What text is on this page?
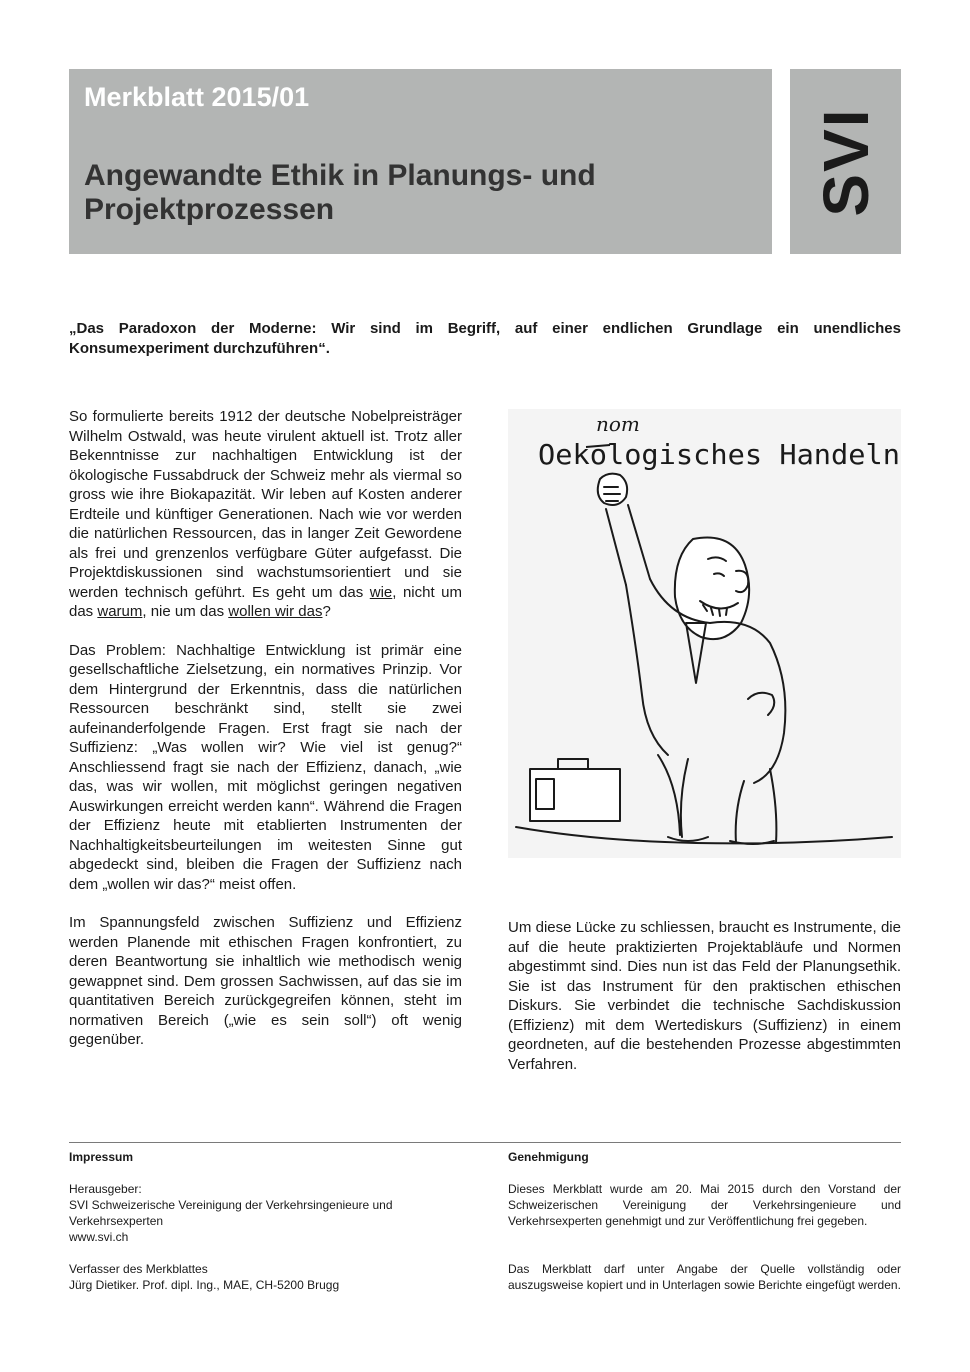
Merkblatt 2015/01

Angewandte Ethik in Planungs- und
Projektprozessen	SVI

„Das Paradoxon der Moderne: Wir sind im Begriff, auf einer endlichen Grundlage ein unendliches Konsumexperiment durchzuführen“.

So formulierte bereits 1912 der deutsche Nobelpreisträger Wilhelm Ostwald, was heute virulent aktuell ist. Trotz aller Bekenntnisse zur nachhaltigen Entwicklung ist der ökologische Fussabdruck der Schweiz mehr als viermal so gross wie ihre Biokapazität. Wir leben auf Kosten anderer Erdteile und künftiger Generationen. Nach wie vor werden die natürlichen Ressourcen, das in langer Zeit Gewordene als frei und grenzenlos verfügbare Güter aufgefasst. Die Projektdiskussionen sind wachstumsorientiert und sie werden technisch geführt. Es geht um das wie, nicht um das warum, nie um das wollen wir das?

Das Problem: Nachhaltige Entwicklung ist primär eine gesellschaftliche Zielsetzung, ein normatives Prinzip. Vor dem Hintergrund der Erkenntnis, dass die natürlichen Ressourcen beschränkt sind, stellt sie zwei aufeinanderfolgende Fragen. Erst fragt sie nach der Suffizienz: „Was wollen wir? Wie viel ist genug?“ Anschliessend fragt sie nach der Effizienz, danach, „wie das, was wir wollen, mit möglichst geringen negativen Auswirkungen erreicht werden kann“. Während die Fragen der Effizienz heute mit etablierten Instrumenten der Nachhaltigkeitsbeurteilungen im weitesten Sinne gut abgedeckt sind, bleiben die Fragen der Suffizienz nach dem „wollen wir das?“ meist offen.

Im Spannungsfeld zwischen Suffizienz und Effizienz werden Planende mit ethischen Fragen konfrontiert, zu deren Beantwortung sie inhaltlich wie methodisch wenig gewappnet sind. Dem grossen Sachwissen, auf das sie im quantitativen Bereich zurückgegreifen können, steht im normativen Bereich („wie es sein soll“) oft wenig gegenüber.

nom
Oekologisches Handeln

Um diese Lücke zu schliessen, braucht es Instrumente, die auf die heute praktizierten Projektabläufe und Normen abgestimmt sind. Dies nun ist das Feld der Planungsethik. Sie ist das Instrument für den praktischen ethischen Diskurs. Sie verbindet die technische Sachdiskussion (Effizienz) mit dem Wertediskurs (Suffizienz) in einem geordneten, auf die bestehenden Prozesse abgestimmten Verfahren.

Impressum

Herausgeber:

SVI Schweizerische Vereinigung der Verkehrsingenieure und Verkehrsexperten

www.svi.ch

Verfasser des Merkblattes

Jürg Dietiker. Prof. dipl. Ing., MAE, CH-5200 Brugg

Genehmigung

Dieses Merkblatt wurde am 20. Mai 2015 durch den Vorstand der Schweizerischen Vereinigung der Verkehrsingenieure und Verkehrsexperten genehmigt und zur Veröffentlichung frei gegeben.

Das Merkblatt darf unter Angabe der Quelle vollständig oder auszugsweise kopiert und in Unterlagen sowie Berichte eingefügt werden.
